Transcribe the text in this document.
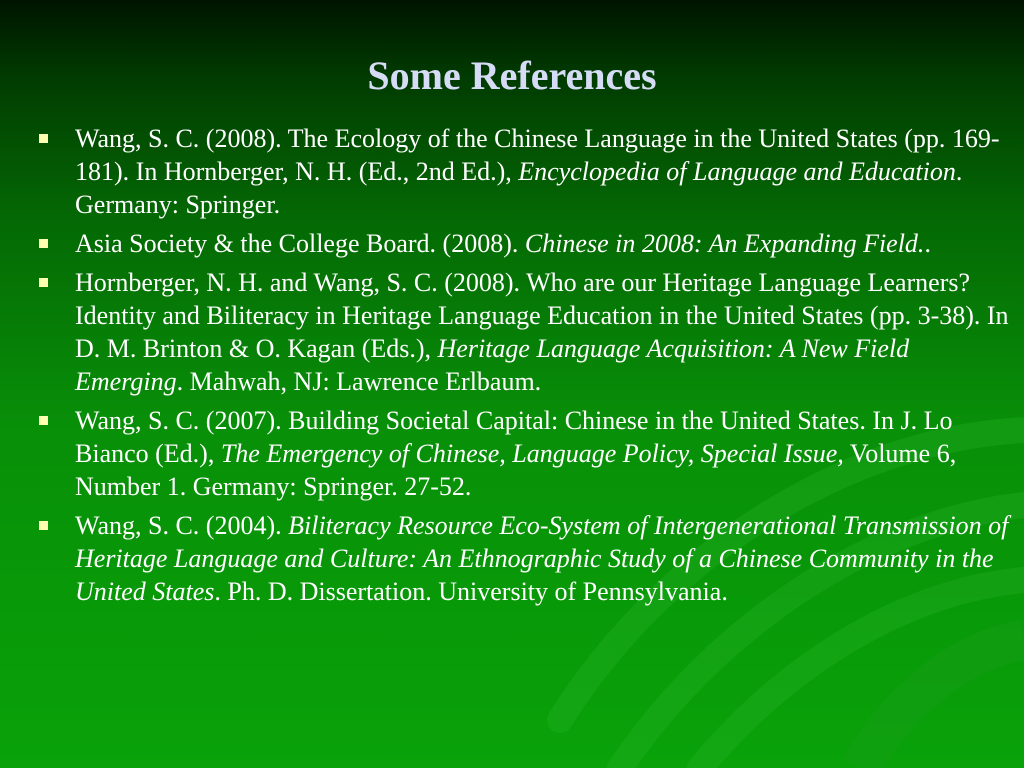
Some References
Wang, S. C. (2008). The Ecology of the Chinese Language in the United States (pp. 169-181). In Hornberger, N. H. (Ed., 2nd Ed.), Encyclopedia of Language and Education. Germany: Springer.
Asia Society & the College Board. (2008). Chinese in 2008: An Expanding Field..
Hornberger, N. H. and Wang, S. C. (2008). Who are our Heritage Language Learners? Identity and Biliteracy in Heritage Language Education in the United States (pp. 3-38). In D. M. Brinton & O. Kagan (Eds.), Heritage Language Acquisition: A New Field Emerging. Mahwah, NJ: Lawrence Erlbaum.
Wang, S. C. (2007). Building Societal Capital: Chinese in the United States. In J. Lo Bianco (Ed.), The Emergency of Chinese, Language Policy, Special Issue, Volume 6, Number 1. Germany: Springer. 27-52.
Wang, S. C. (2004). Biliteracy Resource Eco-System of Intergenerational Transmission of Heritage Language and Culture: An Ethnographic Study of a Chinese Community in the United States. Ph. D. Dissertation. University of Pennsylvania.
